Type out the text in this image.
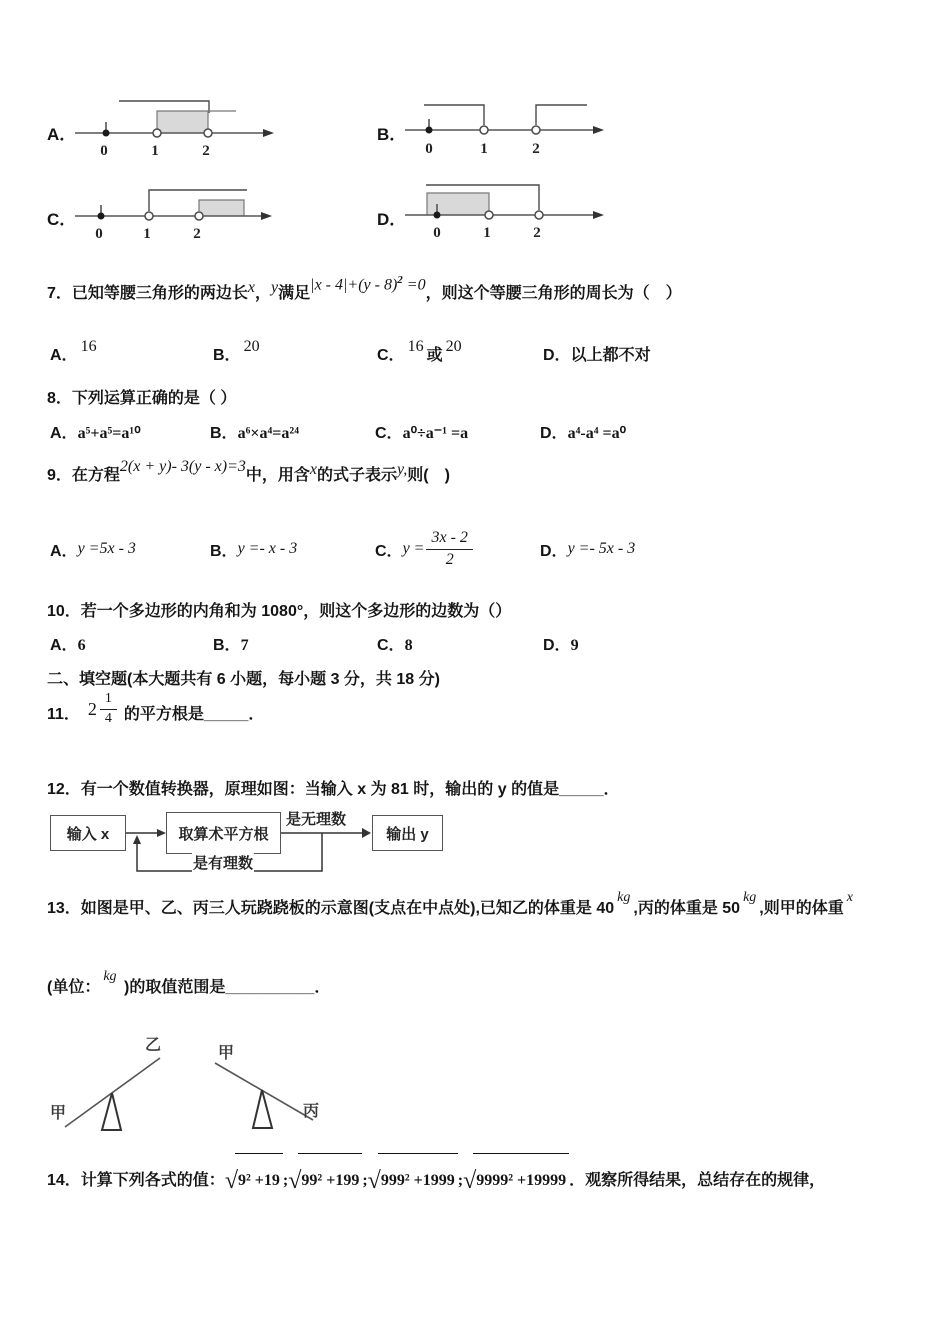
A．
0	1	2
B．
0	1	2
C．
0	1	2
D．
0	1	2
7．已知等腰三角形的两边长x，y满足|x - 4|+(y - 8)$^2$ =0，则这个等腰三角形的周长为（　）
A．16
B．20
C．16或20
D．以上都不对
8．下列运算正确的是（ ）
A．a⁵+a⁵=a¹⁰	B．a⁶×a⁴=a²⁴	C．a⁰÷a⁻¹ =a	D．a⁴-a⁴ =a⁰
9．在方程2(x + y)- 3(y - x)=3中，用含x的式子表示y,则(　)
A． y =5x - 3	B． y =- x - 3	C． $y = \frac{3x - 2}{2}$	D． y =- 5x - 3
10．若一个多边形的内角和为 1080°，则这个多边形的边数为（）
A．6	B．7	C．8	D．9
二、填空题(本大题共有 6 小题，每小题 3 分，共 18 分)
11． $2 \frac{1}{4}$ 的平方根是_____．
12．有一个数值转换器，原理如图：当输入 x 为 81 时，输出的 y 的值是_____．
输入 x	取算术平方根	输出 y
是无理数
是有理数
13．如图是甲、乙、丙三人玩跷跷板的示意图(支点在中点处),已知乙的体重是 40kg,丙的体重是 50kg,则甲的体重x
(单位：kg )的取值范围是__________．
乙
甲
甲
丙
14．计算下列各式的值：√9² +19 ;√99² +199 ;√999² +1999 ;√9999² +19999 ．观察所得结果，总结存在的规律，
